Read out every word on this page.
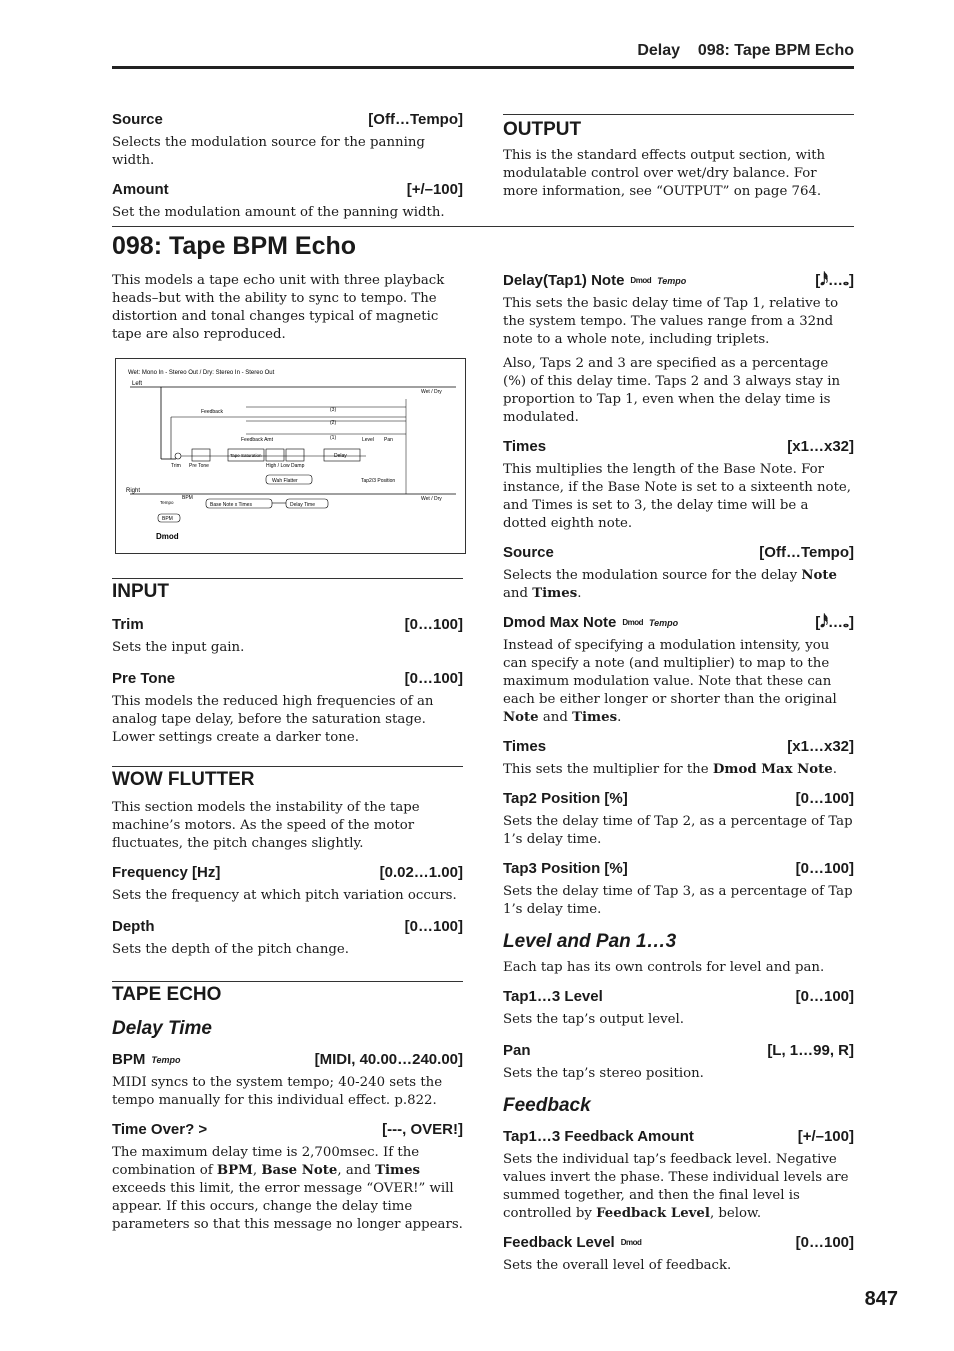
Delay 098: Tape BPM Echo
Source	[Off…Tempo]

Selects the modulation source for the panning width.

Amount	[+/–100]

Set the modulation amount of the panning width.

OUTPUT

This is the standard effects output section, with modulatable control over wet/dry balance. For more information, see “OUTPUT” on page 764.

098: Tape BPM Echo

This models a tape echo unit with three playback heads–but with the ability to sync to tempo. The distortion and tonal changes typical of magnetic tape are also reproduced.

Wet: Mono In - Stereo Out / Dry: Stereo In - Stereo Out
Left
Right
Wet / Dry
Wet / Dry
Feedback
Feedback Amt
Trim Pre Tone
Tape Saturation
High / Low Damp
Delay
Wah Flatter	Tap2/3 Position
(3)
(2)
(1)	Level Pan
Base Note x Times	Delay Time
BPM
Tempo
BPM
Dmod
INPUT
Trim	[0…100]

Sets the input gain.

Pre Tone	[0…100]

This models the reduced high frequencies of an analog tape delay, before the saturation stage. Lower settings create a darker tone.

WOW FLUTTER

This section models the instability of the tape machine’s motors. As the speed of the motor fluctuates, the pitch changes slightly.

Frequency [Hz]	[0.02…1.00]

Sets the frequency at which pitch variation occurs.

Depth	[0…100]

Sets the depth of the pitch change.

TAPE ECHO
Delay Time
BPM Tempo	[MIDI, 40.00…240.00]

MIDI syncs to the system tempo; 40-240 sets the tempo manually for this individual effect. p.822.

Time Over? >	[---, OVER!]

The maximum delay time is 2,700msec. If the combination of BPM, Base Note, and Times exceeds this limit, the error message “OVER!” will appear. If this occurs, change the delay time parameters so that this message no longer appears.

Delay(Tap1) Note Dmod Tempo	[𝅘𝅥𝅰…𝅝]

This sets the basic delay time of Tap 1, relative to the system tempo. The values range from a 32nd note to a whole note, including triplets.

Also, Taps 2 and 3 are specified as a percentage (%) of this delay time. Taps 2 and 3 always stay in proportion to Tap 1, even when the delay time is modulated.

Times	[x1…x32]

This multiplies the length of the Base Note. For instance, if the Base Note is set to a sixteenth note, and Times is set to 3, the delay time will be a dotted eighth note.

Source	[Off…Tempo]

Selects the modulation source for the delay Note and Times.

Dmod Max Note Dmod Tempo	[𝅘𝅥𝅰…𝅝]

Instead of specifying a modulation intensity, you can specify a note (and multiplier) to map to the maximum modulation value. Note that these can each be either longer or shorter than the original Note and Times.

Times	[x1…x32]

This sets the multiplier for the Dmod Max Note.

Tap2 Position [%]	[0…100]

Sets the delay time of Tap 2, as a percentage of Tap 1’s delay time.

Tap3 Position [%]	[0…100]

Sets the delay time of Tap 3, as a percentage of Tap 1’s delay time.

Level and Pan 1…3

Each tap has its own controls for level and pan.

Tap1…3 Level	[0…100]

Sets the tap’s output level.

Pan	[L, 1…99, R]

Sets the tap’s stereo position.

Feedback
Tap1…3 Feedback Amount	[+/–100]

Sets the individual tap’s feedback level. Negative values invert the phase. These individual levels are summed together, and then the final level is controlled by Feedback Level, below.

Feedback Level Dmod	[0…100]

Sets the overall level of feedback.

847
